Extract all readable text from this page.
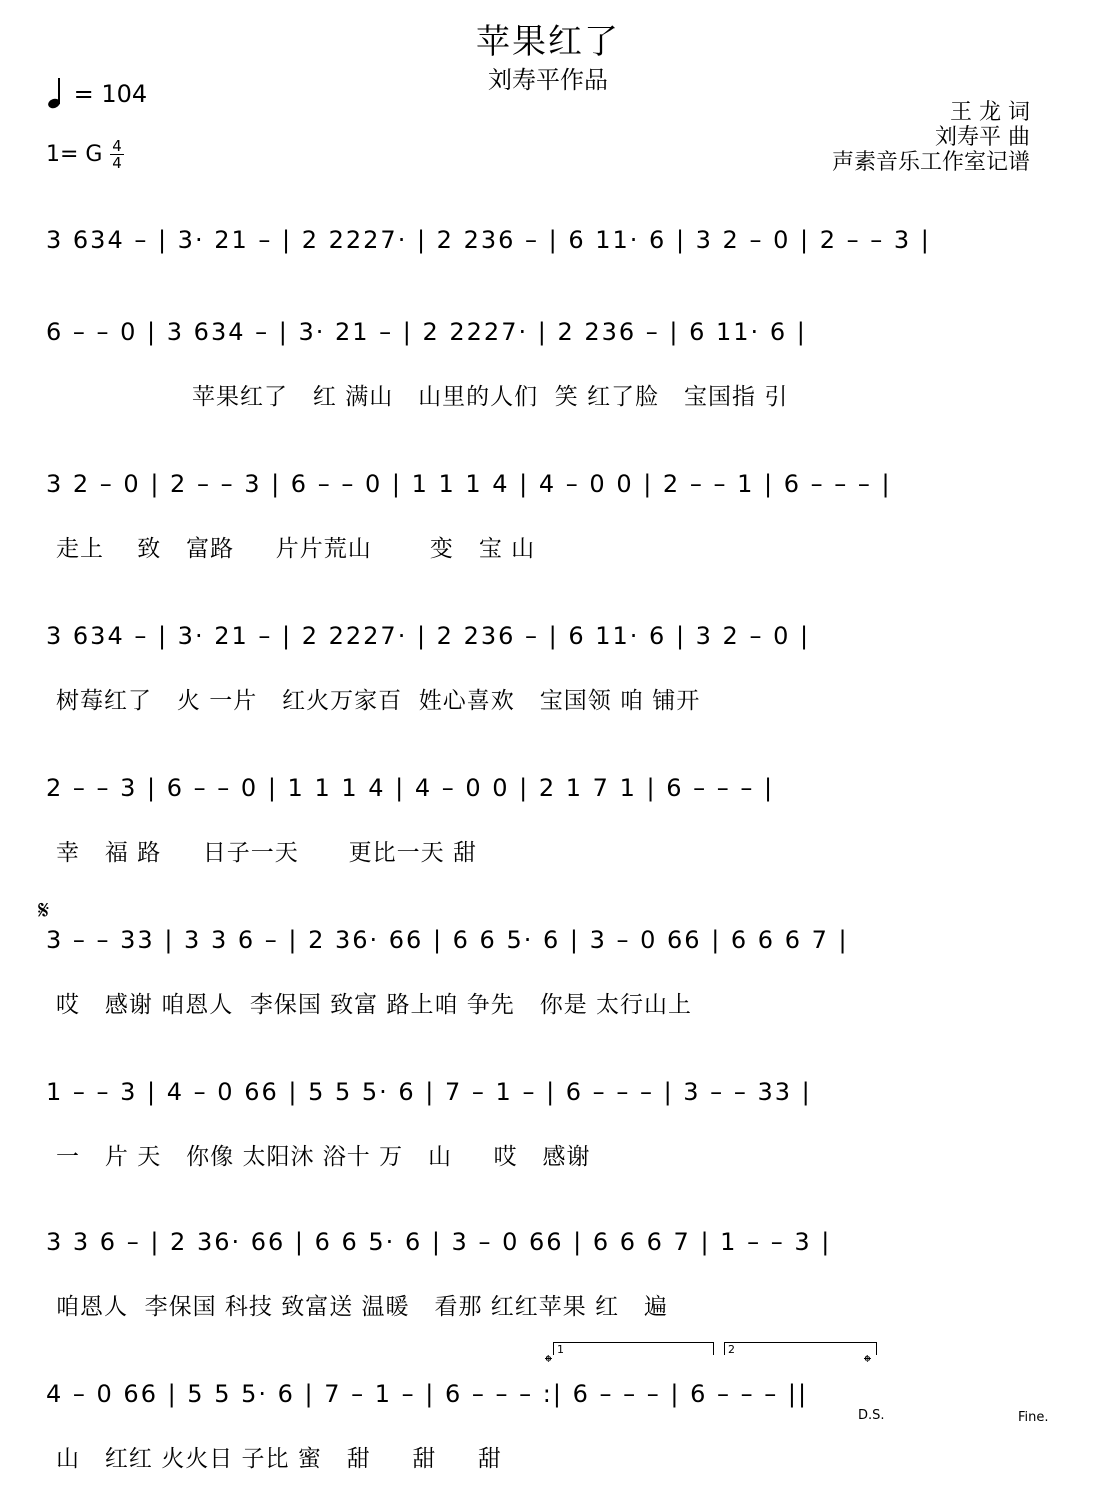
苹果红了
刘寿平作品
= 104
1= G 4
4
王 龙 词
刘寿平 曲
声素音乐工作室记谱
3 634 – | 3· 21 – | 2 2227· | 2 236 – | 6 11· 6 | 3 2 – 0 | 2 – – 3 |
6 – – 0 | 3 634 – | 3· 21 – | 2 2227· | 2 236 – | 6 11· 6 |
苹果红了   红 满山   山里的人们  笑 红了脸   宝国指 引
3 2 – 0 | 2 – – 3 | 6 – – 0 | 1 1 1 4 | 4 – 0 0 | 2 – – 1 | 6 – – – |
走上    致   富路     片片荒山       变   宝 山
3 634 – | 3· 21 – | 2 2227· | 2 236 – | 6 11· 6 | 3 2 – 0 |
树莓红了   火 一片   红火万家百  姓心喜欢   宝国领 咱 铺开
2 – – 3 | 6 – – 0 | 1 1 1 4 | 4 – 0 0 | 2 1 7 1 | 6 – – – |
幸   福 路     日子一天      更比一天 甜
𝄋
3 – – 33 | 3 3 6 – | 2 36· 66 | 6 6 5· 6 | 3 – 0 66 | 6 6 6 7 |
哎   感谢 咱恩人  李保国 致富 路上咱 争先   你是 太行山上
1 – – 3 | 4 – 0 66 | 5 5 5· 6 | 7 – 1 – | 6 – – – | 3 – – 33 |
一   片 天   你像 太阳沐 浴十 万   山     哎   感谢
3 3 6 – | 2 36· 66 | 6 6 5· 6 | 3 – 0 66 | 6 6 6 7 | 1 – – 3 |
咱恩人  李保国 科技 致富送 温暖   看那 红红苹果 红   遍
1	2
𝄌	𝄌
4 – 0 66 | 5 5 5· 6 | 7 – 1 – | 6 – – – :| 6 – – – | 6 – – – ||
D.S.	Fine.
山   红红 火火日 子比 蜜   甜     甜     甜
